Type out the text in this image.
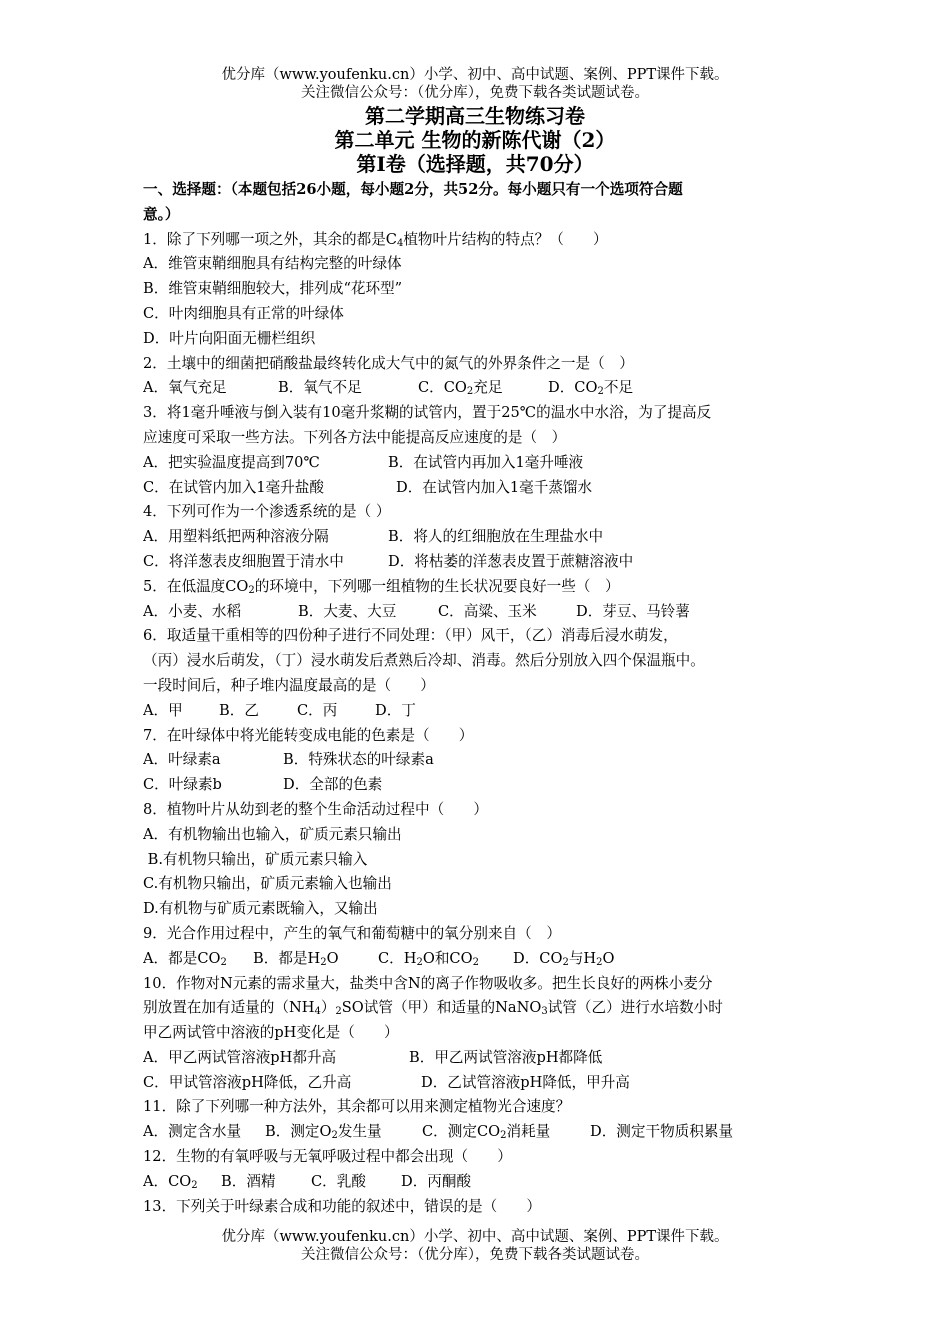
优分库（www.youfenku.cn）小学、初中、高中试题、案例、PPT课件下载。
关注微信公众号：（优分库），免费下载各类试题试卷。
第二学期高三生物练习卷
第二单元 生物的新陈代谢（2）
第I卷（选择题，共70分）
一、选择题：（本题包括26小题，每小题2分，共52分。每小题只有一个选项符合题
意。）
1．除了下列哪一项之外，其余的都是$C_4$植物叶片结构的特点？（　　）
A．维管束鞘细胞具有结构完整的叶绿体
B．维管束鞘细胞较大，排列成“花环型”
C．叶肉细胞具有正常的叶绿体
D．叶片向阳面无栅栏组织
2．土壤中的细菌把硝酸盐最终转化成大气中的氮气的外界条件之一是（　）
A．氧气充足	B．氧气不足	C．$CO_2$充足	D．$CO_2$不足
3．将1毫升唾液与倒入装有10毫升浆糊的试管内，置于25℃的温水中水浴，为了提高反
应速度可采取一些方法。下列各方法中能提高反应速度的是（　）
A．把实验温度提高到70℃	B．在试管内再加入1毫升唾液
C．在试管内加入1毫升盐酸	D．在试管内加入1毫千蒸馏水
4．下列可作为一个渗透系统的是（ ）
A．用塑料纸把两种溶液分隔	B．将人的红细胞放在生理盐水中
C．将洋葱表皮细胞置于清水中	D．将枯萎的洋葱表皮置于蔗糖溶液中
5．在低温度$CO_2$的环境中，下列哪一组植物的生长状况要良好一些（　）
A．小麦、水稻	B．大麦、大豆	C．高粱、玉米	D．芽豆、马铃薯
6．取适量干重相等的四份种子进行不同处理：（甲）风干，（乙）消毒后浸水萌发，
（丙）浸水后萌发，（丁）浸水萌发后煮熟后冷却、消毒。然后分别放入四个保温瓶中。
一段时间后，种子堆内温度最高的是（　　）
A．甲 B．乙	C．丙	D．丁
7．在叶绿体中将光能转变成电能的色素是（　　）
A．叶绿素a	B．特殊状态的叶绿素a
C．叶绿素b	D．全部的色素
8．植物叶片从幼到老的整个生命活动过程中（　　）
A．有机物输出也输入，矿质元素只输出
B.有机物只输出，矿质元素只输入
C.有机物只输出，矿质元素输入也输出
D.有机物与矿质元素既输入，又输出
9．光合作用过程中，产生的氧气和葡萄糖中的氧分别来自（　）
A．都是$CO_2$ B．都是$H_2O$	C．$H_2O$和$CO_2$ D．$CO_2$与$H_2O$
10．作物对N元素的需求量大，盐类中含N的离子作物吸收多。把生长良好的两株小麦分
别放置在加有适量的$(NH_4)_2SO$试管（甲）和适量的NaNO$_3$试管（乙）进行水培数小时
甲乙两试管中溶液的pH变化是（　　）
A．甲乙两试管溶液pH都升高	B．甲乙两试管溶液pH都降低
C．甲试管溶液pH降低，乙升高	D．乙试管溶液pH降低，甲升高
11．除了下列哪一种方法外，其余都可以用来测定植物光合速度？
A．测定含水量 B．测定$O_2$发生量	C．测定$CO_2$消耗量	D．测定干物质积累量
12．生物的有氧呼吸与无氧呼吸过程中都会出现（　　）
A．$CO_2$ B．酒精 C．乳酸 D．丙酮酸
13．下列关于叶绿素合成和功能的叙述中，错误的是（　　）
优分库（www.youfenku.cn）小学、初中、高中试题、案例、PPT课件下载。
关注微信公众号：（优分库），免费下载各类试题试卷。
